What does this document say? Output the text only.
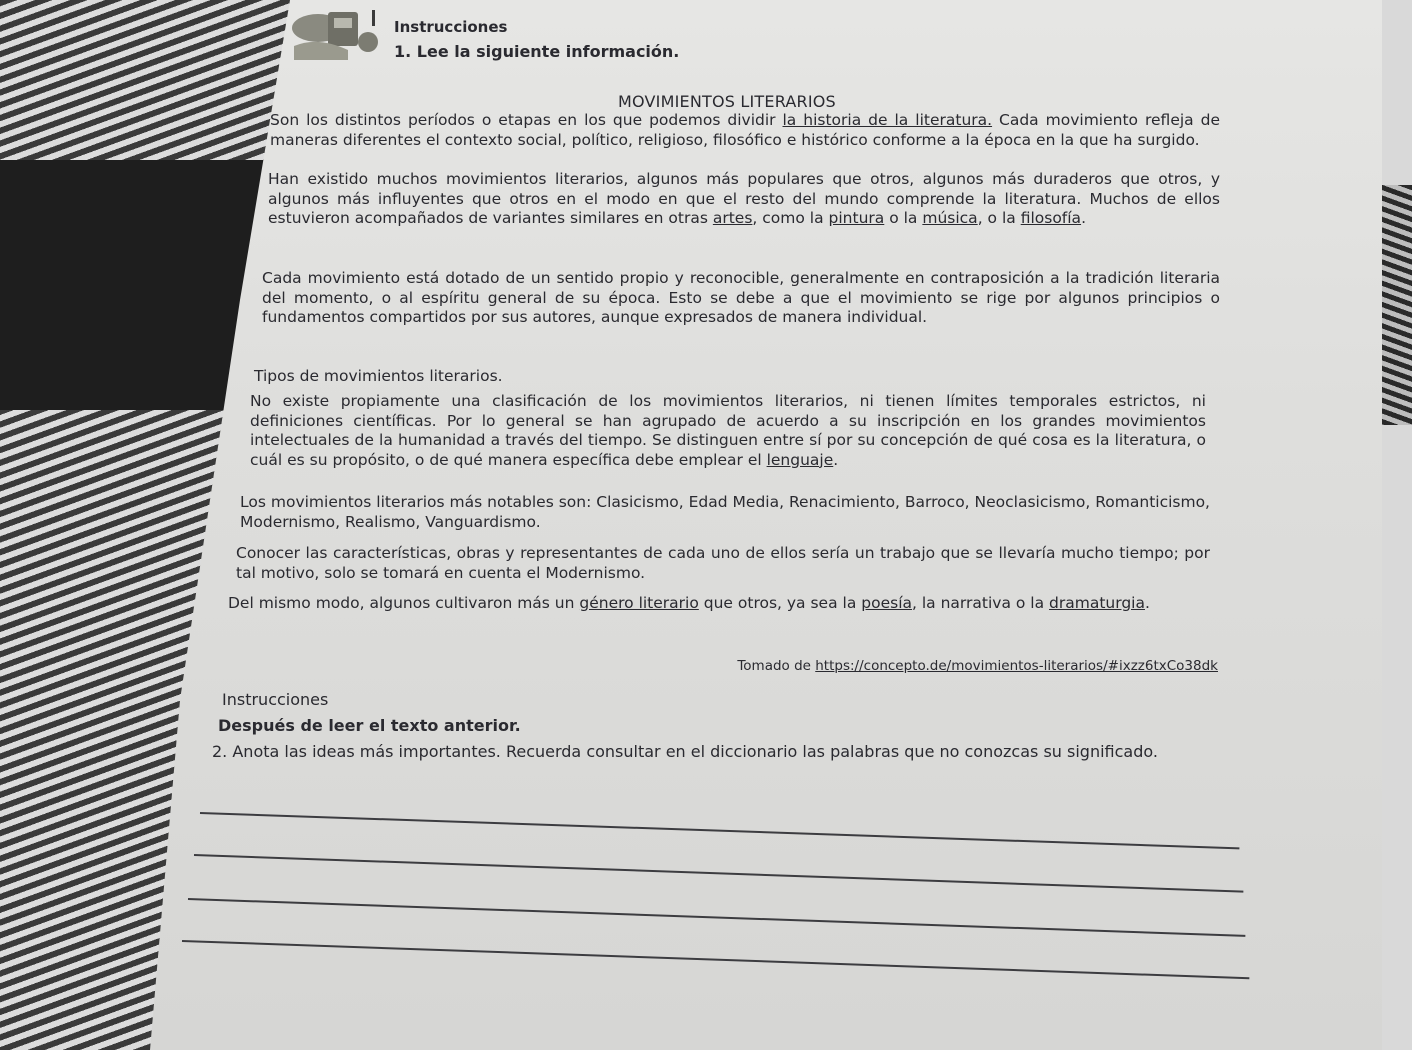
Instrucciones
1. Lee la siguiente información.
MOVIMIENTOS LITERARIOS
Son los distintos períodos o etapas en los que podemos dividir la historia de la literatura. Cada movimiento refleja de maneras diferentes el contexto social, político, religioso, filosófico e histórico conforme a la época en la que ha surgido.
Han existido muchos movimientos literarios, algunos más populares que otros, algunos más duraderos que otros, y algunos más influyentes que otros en el modo en que el resto del mundo comprende la literatura. Muchos de ellos estuvieron acompañados de variantes similares en otras artes, como la pintura o la música, o la filosofía.
Cada movimiento está dotado de un sentido propio y reconocible, generalmente en contraposición a la tradición literaria del momento, o al espíritu general de su época. Esto se debe a que el movimiento se rige por algunos principios o fundamentos compartidos por sus autores, aunque expresados de manera individual.
Tipos de movimientos literarios.
No existe propiamente una clasificación de los movimientos literarios, ni tienen límites temporales estrictos, ni definiciones científicas. Por lo general se han agrupado de acuerdo a su inscripción en los grandes movimientos intelectuales de la humanidad a través del tiempo. Se distinguen entre sí por su concepción de qué cosa es la literatura, o cuál es su propósito, o de qué manera específica debe emplear el lenguaje.
Los movimientos literarios más notables son: Clasicismo, Edad Media, Renacimiento, Barroco, Neoclasicismo, Romanticismo, Modernismo, Realismo, Vanguardismo.
Conocer las características, obras y representantes de cada uno de ellos sería un trabajo que se llevaría mucho tiempo; por tal motivo, solo se tomará en cuenta el Modernismo.
Del mismo modo, algunos cultivaron más un género literario que otros, ya sea la poesía, la narrativa o la dramaturgia.
Tomado de https://concepto.de/movimientos-literarios/#ixzz6txCo38dk
Instrucciones
Después de leer el texto anterior.
2. Anota las ideas más importantes. Recuerda consultar en el diccionario las palabras que no conozcas su significado.
